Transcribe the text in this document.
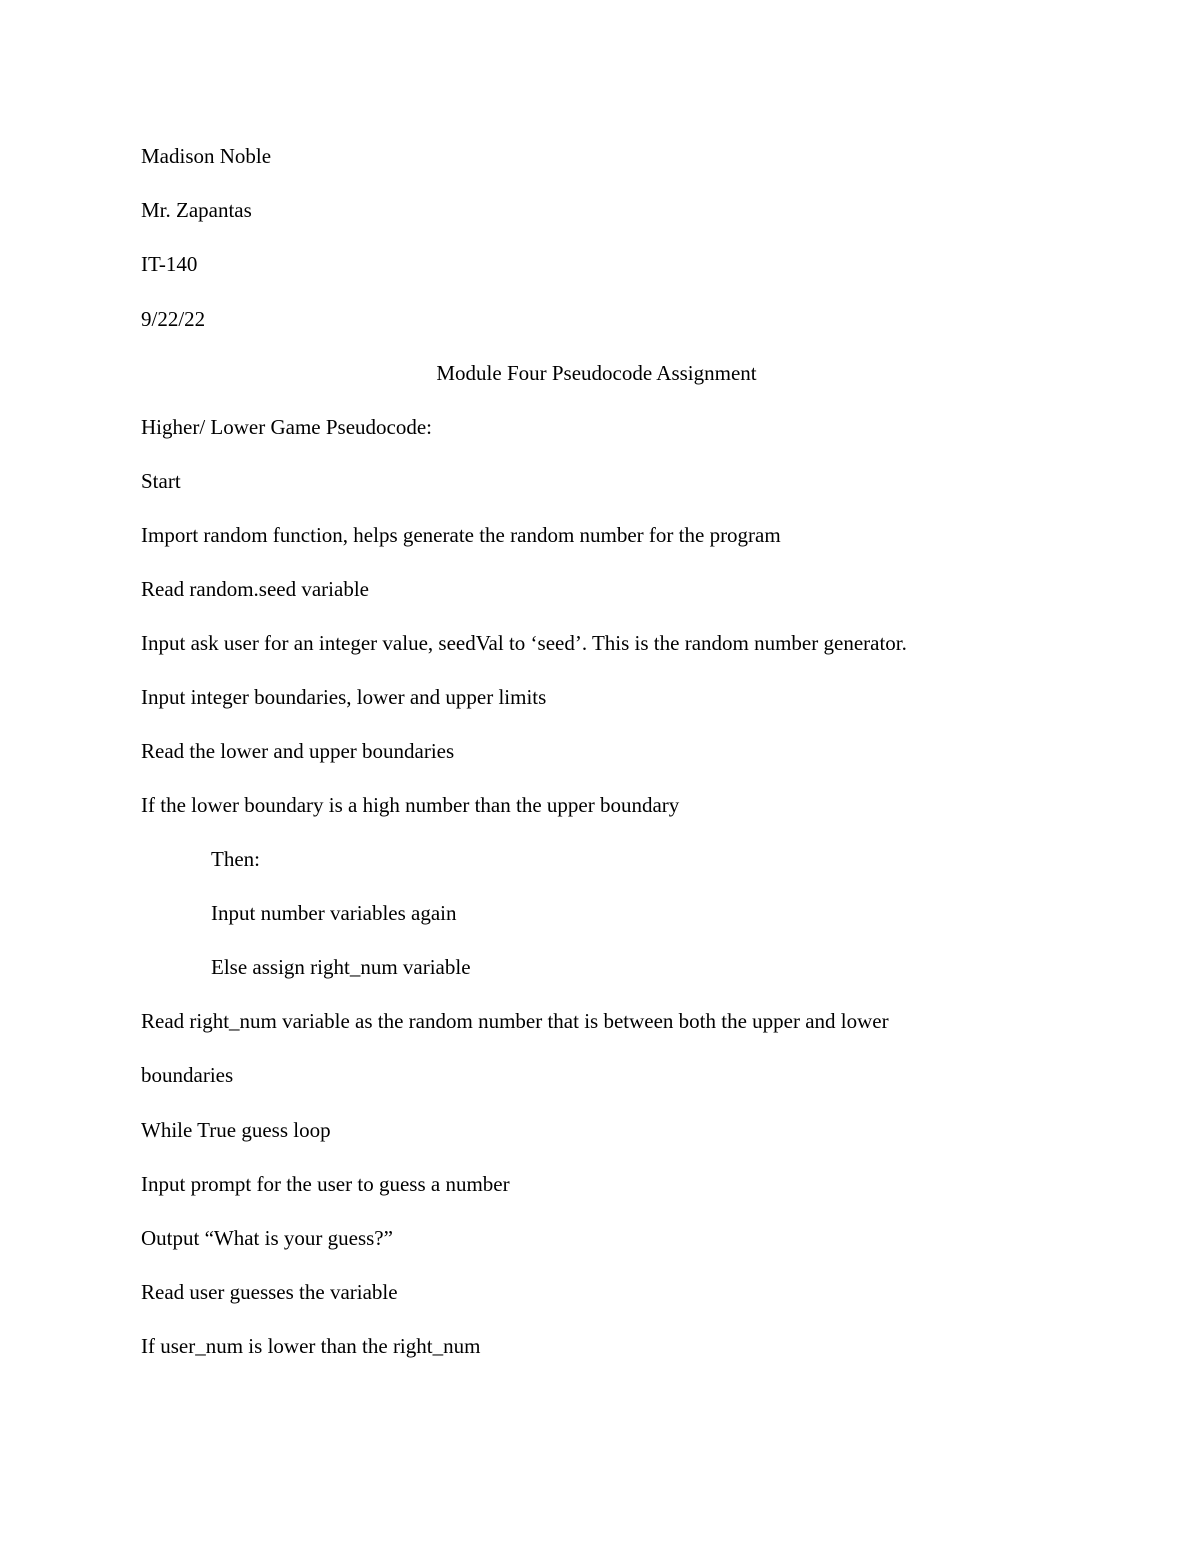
Madison Noble
Mr. Zapantas
IT-140
9/22/22
Module Four Pseudocode Assignment
Higher/ Lower Game Pseudocode:
Start
Import random function, helps generate the random number for the program
Read random.seed variable
Input ask user for an integer value, seedVal to ‘seed’. This is the random number generator.
Input integer boundaries, lower and upper limits
Read the lower and upper boundaries
If the lower boundary is a high number than the upper boundary
Then:
Input number variables again
Else assign right_num variable
Read right_num variable as the random number that is between both the upper and lower
boundaries
While True guess loop
Input prompt for the user to guess a number
Output “What is your guess?”
Read user guesses the variable
If user_num is lower than the right_num
